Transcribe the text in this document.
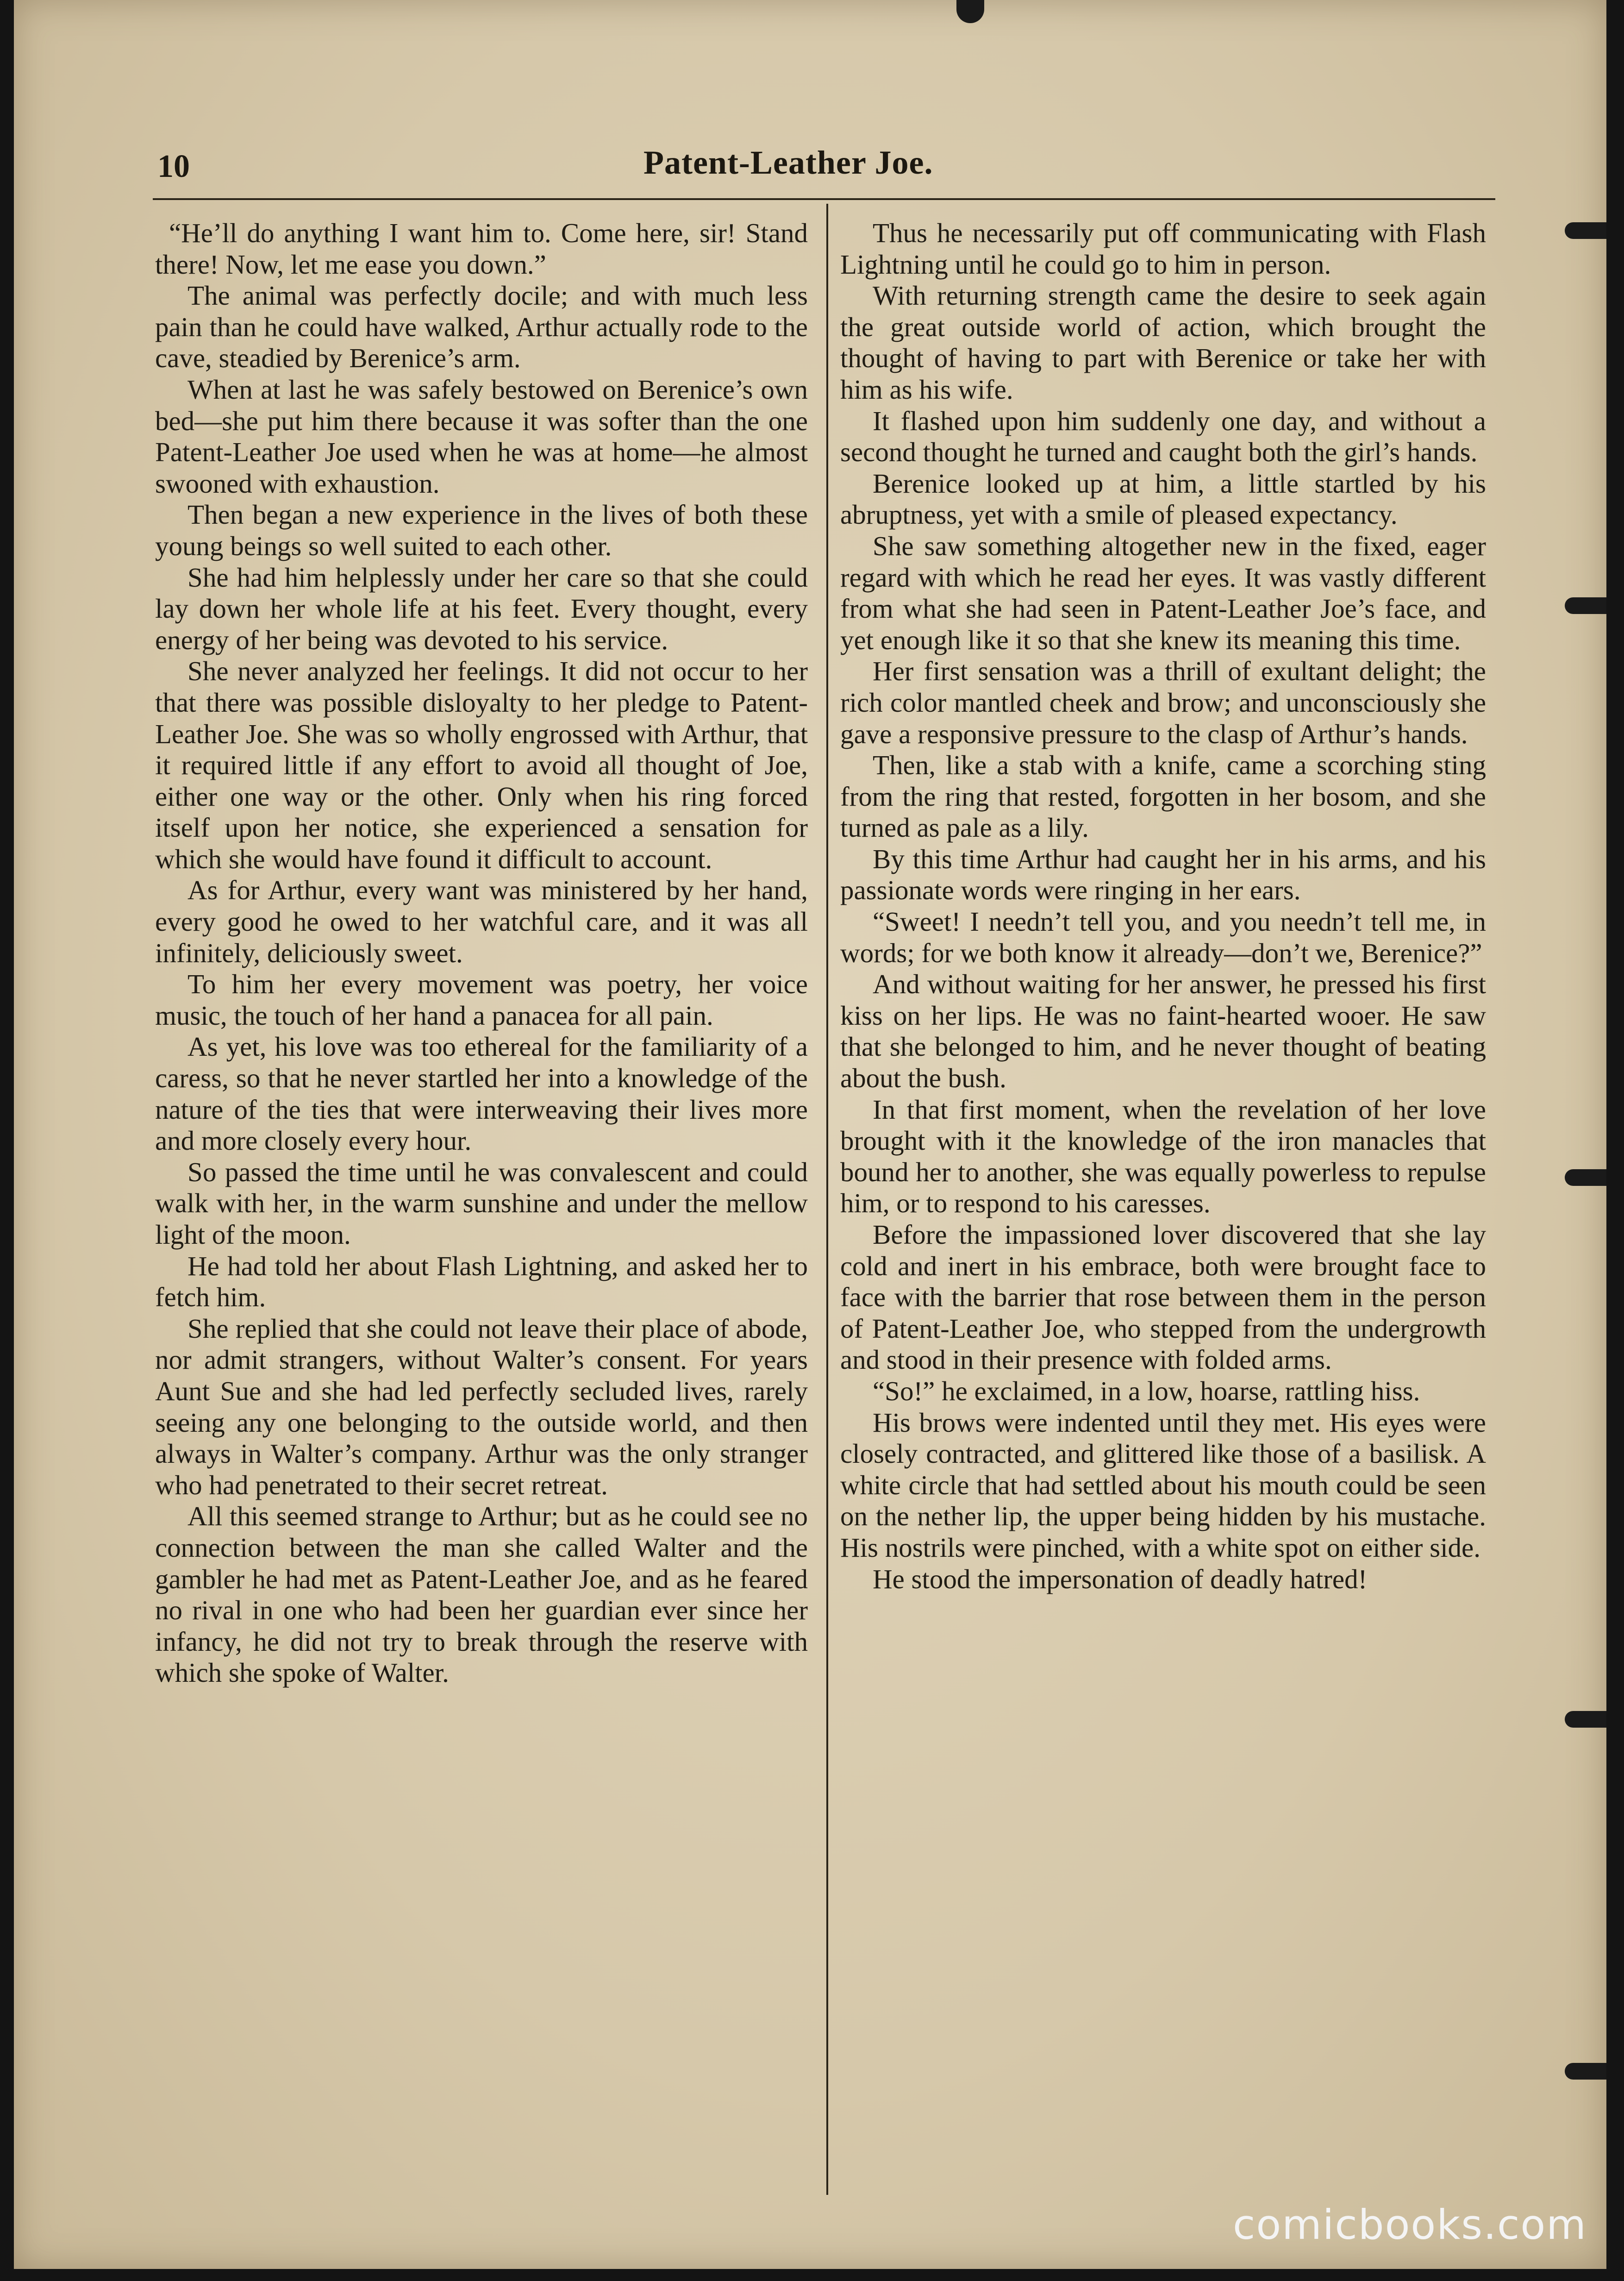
10	Patent-Leather Joe.

“He’ll do anything I want him to. Come here, sir! Stand there! Now, let me ease you down.”

The animal was perfectly docile; and with much less pain than he could have walked, Arthur actually rode to the cave, steadied by Berenice’s arm.

When at last he was safely bestowed on Berenice’s own bed—she put him there because it was softer than the one Patent-Leather Joe used when he was at home—he almost swooned with exhaustion.

Then began a new experience in the lives of both these young beings so well suited to each other.

She had him helplessly under her care so that she could lay down her whole life at his feet. Every thought, every energy of her being was devoted to his service.

She never analyzed her feelings. It did not occur to her that there was possible disloyalty to her pledge to Patent-Leather Joe. She was so wholly engrossed with Arthur, that it required little if any effort to avoid all thought of Joe, either one way or the other. Only when his ring forced itself upon her notice, she experienced a sensation for which she would have found it difficult to account.

As for Arthur, every want was ministered by her hand, every good he owed to her watchful care, and it was all infinitely, deliciously sweet.

To him her every movement was poetry, her voice music, the touch of her hand a panacea for all pain.

As yet, his love was too ethereal for the familiarity of a caress, so that he never startled her into a knowledge of the nature of the ties that were interweaving their lives more and more closely every hour.

So passed the time until he was convalescent and could walk with her, in the warm sunshine and under the mellow light of the moon.

He had told her about Flash Lightning, and asked her to fetch him.

She replied that she could not leave their place of abode, nor admit strangers, without Walter’s consent. For years Aunt Sue and she had led perfectly secluded lives, rarely seeing any one belonging to the outside world, and then always in Walter’s company. Arthur was the only stranger who had penetrated to their secret retreat.

All this seemed strange to Arthur; but as he could see no connection between the man she called Walter and the gambler he had met as Patent-Leather Joe, and as he feared no rival in one who had been her guardian ever since her infancy, he did not try to break through the reserve with which she spoke of Walter.

Thus he necessarily put off communicating with Flash Lightning until he could go to him in person.

With returning strength came the desire to seek again the great outside world of action, which brought the thought of having to part with Berenice or take her with him as his wife.

It flashed upon him suddenly one day, and without a second thought he turned and caught both the girl’s hands.

Berenice looked up at him, a little startled by his abruptness, yet with a smile of pleased expectancy.

She saw something altogether new in the fixed, eager regard with which he read her eyes. It was vastly different from what she had seen in Patent-Leather Joe’s face, and yet enough like it so that she knew its meaning this time.

Her first sensation was a thrill of exultant delight; the rich color mantled cheek and brow; and unconsciously she gave a responsive pressure to the clasp of Arthur’s hands.

Then, like a stab with a knife, came a scorching sting from the ring that rested, forgotten in her bosom, and she turned as pale as a lily.

By this time Arthur had caught her in his arms, and his passionate words were ringing in her ears.

“Sweet! I needn’t tell you, and you needn’t tell me, in words; for we both know it already—don’t we, Berenice?”

And without waiting for her answer, he pressed his first kiss on her lips. He was no faint-hearted wooer. He saw that she belonged to him, and he never thought of beating about the bush.

In that first moment, when the revelation of her love brought with it the knowledge of the iron manacles that bound her to another, she was equally powerless to repulse him, or to respond to his caresses.

Before the impassioned lover discovered that she lay cold and inert in his embrace, both were brought face to face with the barrier that rose between them in the person of Patent-Leather Joe, who stepped from the undergrowth and stood in their presence with folded arms.

“So!” he exclaimed, in a low, hoarse, rattling hiss.

His brows were indented until they met. His eyes were closely contracted, and glittered like those of a basilisk. A white circle that had settled about his mouth could be seen on the nether lip, the upper being hidden by his mustache. His nostrils were pinched, with a white spot on either side.

He stood the impersonation of deadly hatred!

comicbooks.com
